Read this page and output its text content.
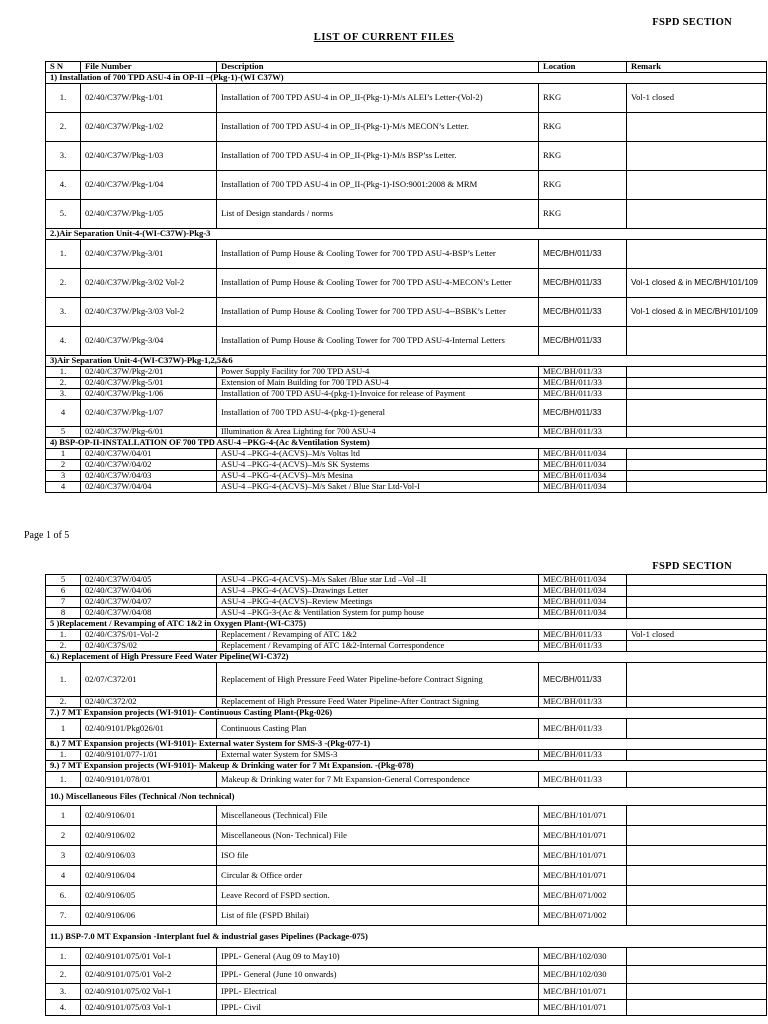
FSPD SECTION
LIST OF CURRENT FILES
S N	File Number	Description	Location	Remark
1) Installation of 700 TPD ASU-4 in OP-II –(Pkg-1)-(WI C37W)				
1.	02/40/C37W/Pkg-1/01	Installation of 700 TPD ASU-4 in OP_II-(Pkg-1)-M/s ALEI’s Letter-(Vol-2)	RKG	Vol-1 closed
2.	02/40/C37W/Pkg-1/02	Installation of 700 TPD ASU-4 in OP_II-(Pkg-1)-M/s MECON’s Letter.	RKG	
3.	02/40/C37W/Pkg-1/03	Installation of 700 TPD ASU-4 in OP_II-(Pkg-1)-M/s BSP’ss Letter.	RKG	
4.	02/40/C37W/Pkg-1/04	Installation of 700 TPD ASU-4 in OP_II-(Pkg-1)-ISO:9001:2008 & MRM	RKG	
5.	02/40/C37W/Pkg-1/05	List of Design standards / norms	RKG	
2.)Air Separation Unit-4-(WI-C37W)-Pkg-3				
1.	02/40/C37W/Pkg-3/01	Installation of Pump House & Cooling Tower for 700 TPD ASU-4-BSP’s Letter	MEC/BH/011/33	
2.	02/40/C37W/Pkg-3/02 Vol-2	Installation of Pump House & Cooling Tower for 700 TPD ASU-4-MECON’s Letter	MEC/BH/011/33	Vol-1 closed & in MEC/BH/101/109
3.	02/40/C37W/Pkg-3/03 Vol-2	Installation of Pump House & Cooling Tower for 700 TPD ASU-4--BSBK’s Letter	MEC/BH/011/33	Vol-1 closed & in MEC/BH/101/109
4.	02/40/C37W/Pkg-3/04	Installation of Pump House & Cooling Tower for 700 TPD ASU-4-Internal Letters	MEC/BH/011/33	
3)Air Separation Unit-4-(WI-C37W)-Pkg-1,2,5&6				
1.	02/40/C37W/Pkg-2/01	Power Supply Facility for 700 TPD ASU-4	MEC/BH/011/33	
2.	02/40/C37W/Pkg-5/01	Extension of Main Building for 700 TPD ASU-4	MEC/BH/011/33	
3.	02/40/C37W/Pkg-1/06	Installation of 700 TPD ASU-4-(pkg-1)-Invoice for release of Payment	MEC/BH/011/33	
4	02/40/C37W/Pkg-1/07	Installation of 700 TPD ASU-4-(pkg-1)-general	MEC/BH/011/33	
5	02/40/C37W/Pkg-6/01	Illumination & Area Lighting for 700 ASU-4	MEC/BH/011/33	
4) BSP-OP-II-INSTALLATION OF 700 TPD ASU-4 –PKG-4-(Ac &Ventilation System)				
1	02/40/C37W/04/01	ASU-4 –PKG-4-(ACVS)–M/s Voltas ltd	MEC/BH/011/034	
2	02/40/C37W/04/02	ASU-4 –PKG-4-(ACVS)–M/s SK Systems	MEC/BH/011/034	
3	02/40/C37W/04/03	ASU-4 –PKG-4-(ACVS)–M/s Mesina	MEC/BH/011/034	
4	02/40/C37W/04/04	ASU-4 –PKG-4-(ACVS)–M/s Saket / Blue Star Ltd-Vol-I	MEC/BH/011/034	
Page 1 of 5
FSPD SECTION
5	02/40/C37W/04/05	ASU-4 –PKG-4-(ACVS)–M/s Saket /Blue star Ltd –Vol –II	MEC/BH/011/034	
6	02/40/C37W/04/06	ASU-4 –PKG-4-(ACVS)–Drawings Letter	MEC/BH/011/034	
7	02/40/C37W/04/07	ASU-4 –PKG-4-(ACVS)–Review Meetings	MEC/BH/011/034	
8	02/40/C37W/04/08	ASU-4 –PKG-3-(Ac & Ventilation System for pump house	MEC/BH/011/034	
5 )Replacement / Revamping of ATC 1&2 in Oxygen Plant-(WI-C375)				
1.	02/40/C37S/01-Vol-2	Replacement / Revamping of ATC 1&2	MEC/BH/011/33	Vol-1 closed
2.	02/40/C37S/02	Replacement / Revamping of ATC 1&2-Internal Correspondence	MEC/BH/011/33	
6.) Replacement of High Pressure Feed Water Pipeline(WI-C372)				
1.	02/07/C372/01	Replacement of High Pressure Feed Water Pipeline-before Contract Signing	MEC/BH/011/33	
2.	02/40/C372/02	Replacement of High Pressure Feed Water Pipeline-After Contract Signing	MEC/BH/011/33	
7.) 7 MT Expansion projects (WI-9101)- Continuous Casting Plant-(Pkg-026)				
1	02/40/9101/Pkg026/01	Continuous Casting Plan	MEC/BH/011/33	
8.) 7 MT Expansion projects (WI-9101)- External water System for SMS-3 -(Pkg-077-1)				
1.	02/40/9101/077-1/01	External water System for SMS-3	MEC/BH/011/33	
9.) 7 MT Expansion projects (WI-9101)- Makeup & Drinking water for 7 Mt Expansion. -(Pkg-078)				
1.	02/40/9101/078/01	Makeup & Drinking water for 7 Mt Expansion-General Correspondence	MEC/BH/011/33	
10.) Miscellaneous Files (Technical /Non technical)				
1	02/40/9106/01	Miscellaneous (Technical) File	MEC/BH/101/071	
2	02/40/9106/02	Miscellaneous (Non- Technical) File	MEC/BH/101/071	
3	02/40/9106/03	ISO file	MEC/BH/101/071	
4	02/40/9106/04	Circular & Office order	MEC/BH/101/071	
6.	02/40/9106/05	Leave Record of FSPD section.	MEC/BH/071/002	
7.	02/40/9106/06	List of file (FSPD Bhilai)	MEC/BH/071/002	
11.) BSP-7.0 MT Expansion -Interplant fuel & industrial gases Pipelines (Package-075)				
1.	02/40/9101/075/01 Vol-1	IPPL- General (Aug 09 to May10)	MEC/BH/102/030	
2.	02/40/9101/075/01 Vol-2	IPPL- General (June 10 onwards)	MEC/BH/102/030	
3.	02/40/9101/075/02 Vol-1	IPPL- Electrical	MEC/BH/101/071	
4.	02/40/9101/075/03 Vol-1	IPPL- Civil	MEC/BH/101/071	
